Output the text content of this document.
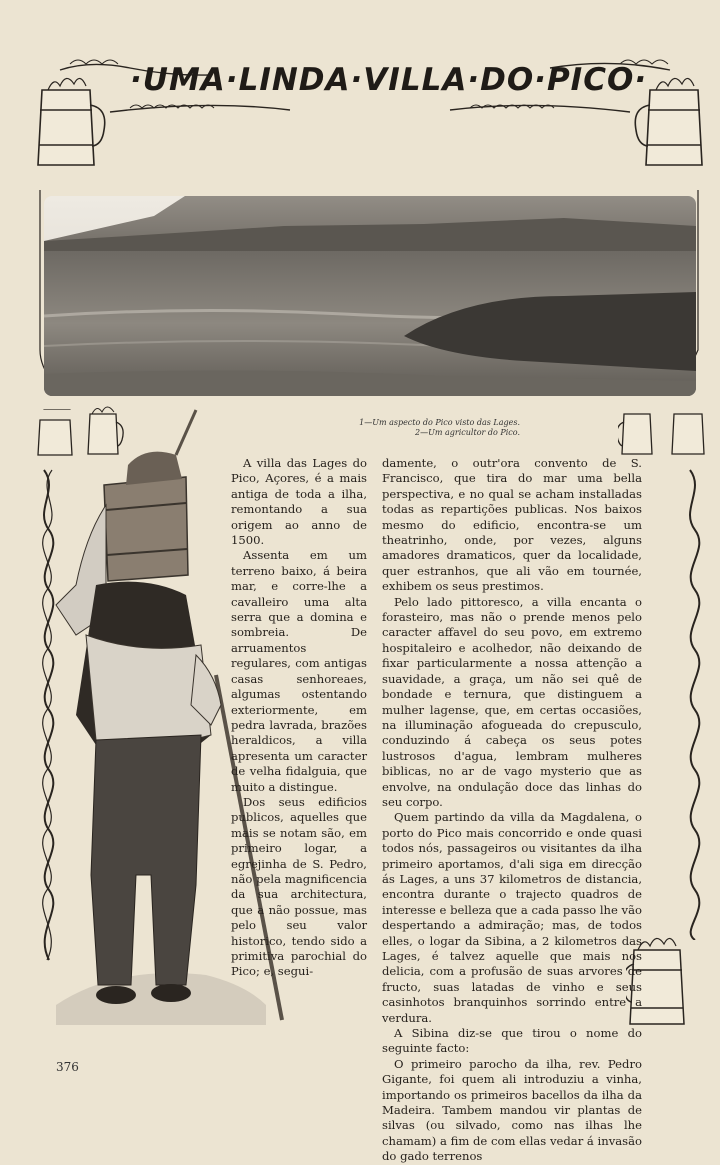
·UMA·LINDA·VILLA·DO·PICO·
1—Um aspecto do Pico visto das Lages.
2—Um agricultor do Pico.

A villa das Lages do Pico, Açores, é a mais antiga de toda a ilha, remontando a sua origem ao anno de 1500.

Assenta em um terreno baixo, á beira mar, e corre-lhe a cavalleiro uma alta serra que a domina e sombreia. De arruamentos regulares, com antigas casas senhoreaes, algumas ostentando exteriormente, em pedra lavrada, brazões heraldicos, a villa apresenta um caracter de velha fidalguia, que muito a distingue.

Dos seus edificios publicos, aquelles que mais se notam são, em primeiro logar, a egrejinha de S. Pedro, não pela magnificencia da sua architectura, que a não possue, mas pelo seu valor historico, tendo sido a primitiva parochial do Pico; e, segui-

damente, o outr'ora convento de S. Francisco, que tira do mar uma bella perspectiva, e no qual se acham installadas todas as repartições publicas. Nos baixos mesmo do edificio, encontra-se um theatrinho, onde, por vezes, alguns amadores dramaticos, quer da localidade, quer estranhos, que ali vão em tournée, exhibem os seus prestimos.

Pelo lado pittoresco, a villa encanta o forasteiro, mas não o prende menos pelo caracter affavel do seu povo, em extremo hospitaleiro e acolhedor, não deixando de fixar particularmente a nossa attenção a suavidade, a graça, um não sei quê de bondade e ternura, que distinguem a mulher lagense, que, em certas occasiões, na illuminação afogueada do crepusculo, conduzindo á cabeça os seus potes lustrosos d'agua, lembram mulheres biblicas, no ar de vago mysterio que as envolve, na ondulação doce das linhas do seu corpo.

Quem partindo da villa da Magdalena, o porto do Pico mais concorrido e onde quasi todos nós, passageiros ou visitantes da ilha primeiro aportamos, d'ali siga em direcção ás Lages, a uns 37 kilometros de distancia, encontra durante o trajecto quadros de interesse e belleza que a cada passo lhe vão despertando a admiração; mas, de todos elles, o logar da Sibina, a 2 kilometros das Lages, é talvez aquelle que mais nos delicia, com a profusão de suas arvores de fructo, suas latadas de vinho e seus casinhotos branquinhos sorrindo entre a verdura.

A Sibina diz-se que tirou o nome do seguinte facto:

O primeiro parocho da ilha, rev. Pedro Gigante, foi quem ali introduziu a vinha, importando os primeiros bacellos da ilha da Madeira. Tambem mandou vir plantas de silvas (ou silvado, como nas ilhas lhe chamam) a fim de com ellas vedar á invasão do gado terrenos

376
